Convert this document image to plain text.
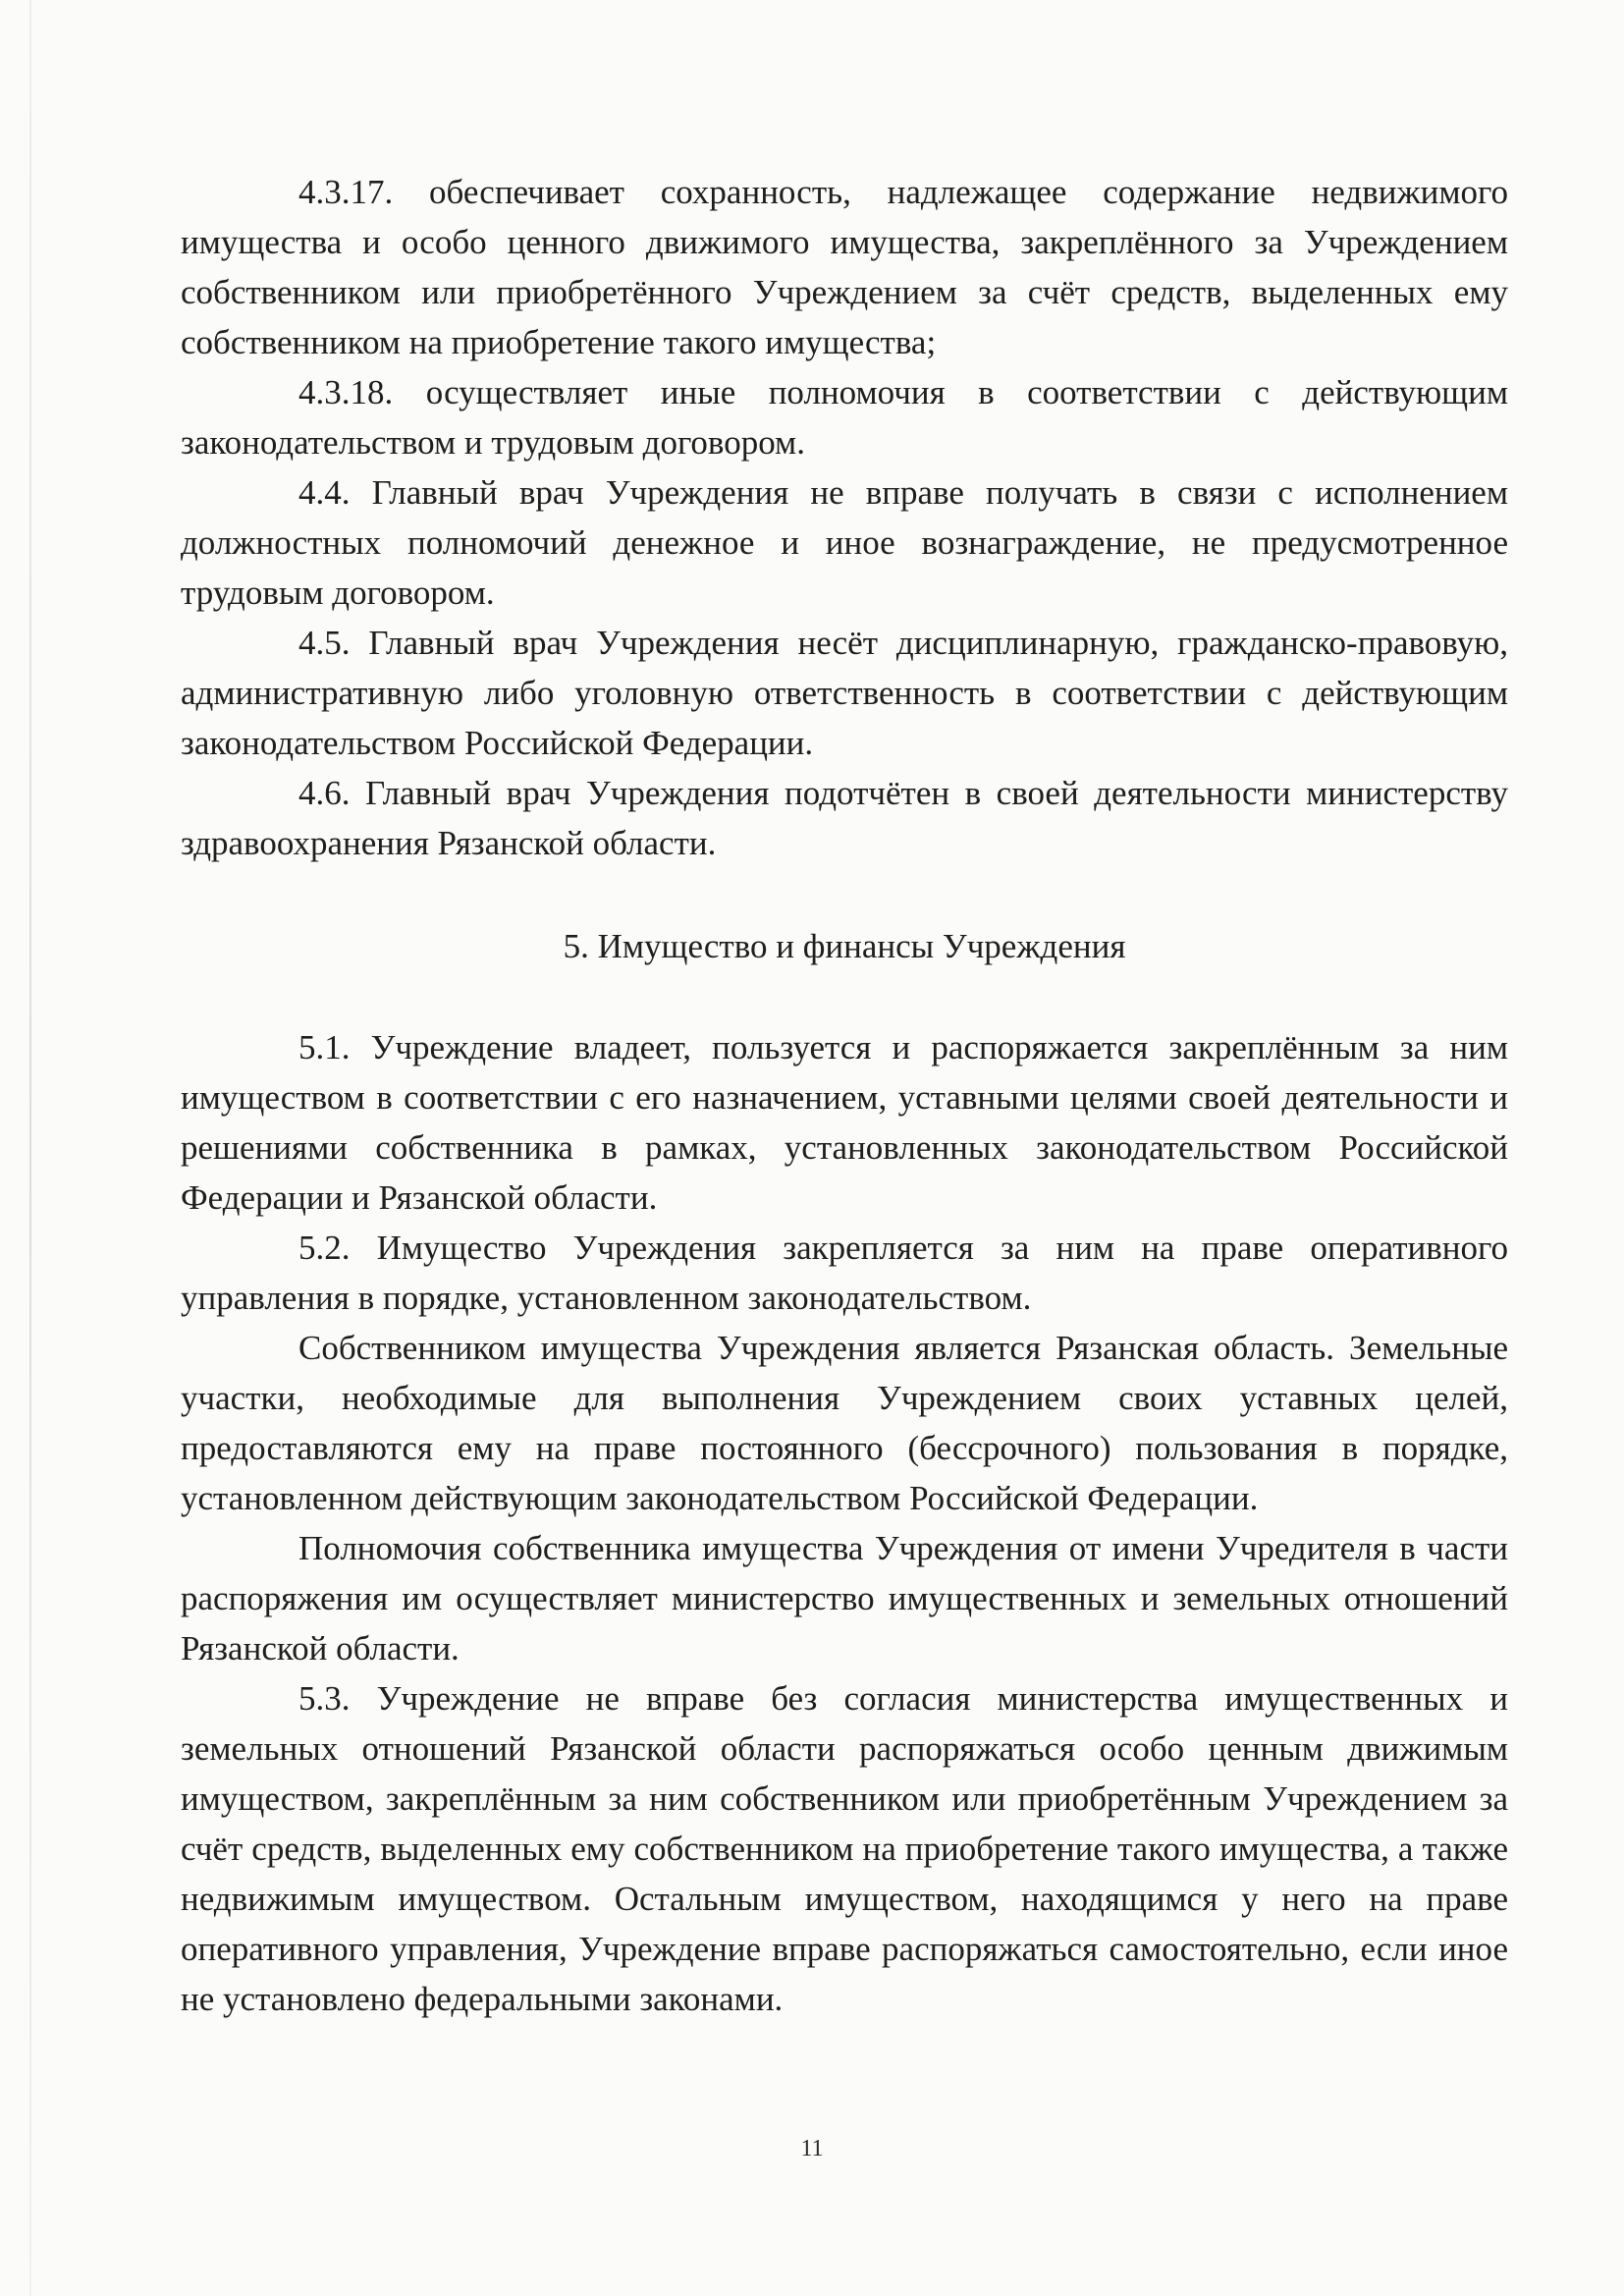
4.3.17. обеспечивает сохранность, надлежащее содержание недвижимого имущества и особо ценного движимого имущества, закреплённого за Учреждением собственником или приобретённого Учреждением за счёт средств, выделенных ему собственником на приобретение такого имущества;

4.3.18. осуществляет иные полномочия в соответствии с действующим законодательством и трудовым договором.

4.4. Главный врач Учреждения не вправе получать в связи с исполнением должностных полномочий денежное и иное вознаграждение, не предусмотренное трудовым договором.

4.5. Главный врач Учреждения несёт дисциплинарную, гражданско-правовую, административную либо уголовную ответственность в соответствии с действующим законодательством Российской Федерации.

4.6. Главный врач Учреждения подотчётен в своей деятельности министерству здравоохранения Рязанской области.

5. Имущество и финансы Учреждения

5.1. Учреждение владеет, пользуется и распоряжается закреплённым за ним имуществом в соответствии с его назначением, уставными целями своей деятельности и решениями собственника в рамках, установленных законодательством Российской Федерации и Рязанской области.

5.2. Имущество Учреждения закрепляется за ним на праве оперативного управления в порядке, установленном законодательством.

Собственником имущества Учреждения является Рязанская область. Земельные участки, необходимые для выполнения Учреждением своих уставных целей, предоставляются ему на праве постоянного (бессрочного) пользования в порядке, установленном действующим законодательством Российской Федерации.

Полномочия собственника имущества Учреждения от имени Учредителя в части распоряжения им осуществляет министерство имущественных и земельных отношений Рязанской области.

5.3. Учреждение не вправе без согласия министерства имущественных и земельных отношений Рязанской области распоряжаться особо ценным движимым имуществом, закреплённым за ним собственником или приобретённым Учреждением за счёт средств, выделенных ему собственником на приобретение такого имущества, а также недвижимым имуществом. Остальным имуществом, находящимся у него на праве оперативного управления, Учреждение вправе распоряжаться самостоятельно, если иное не установлено федеральными законами.

11
